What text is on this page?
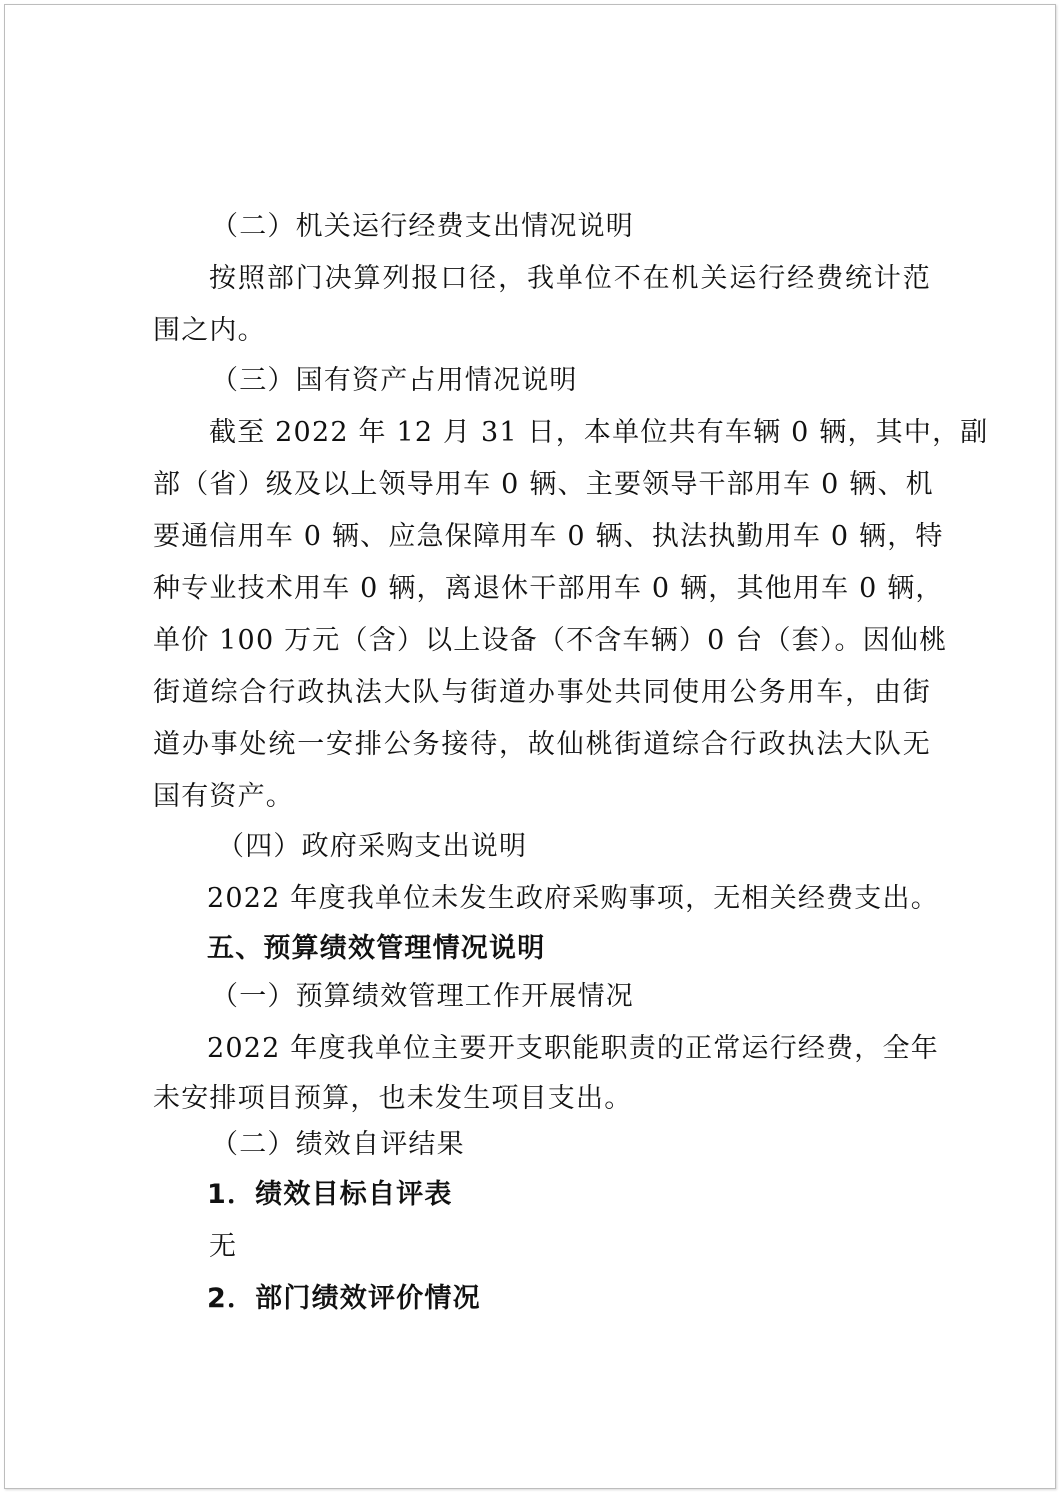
（二）机关运行经费支出情况说明
按照部门决算列报口径，我单位不在机关运行经费统计范
围之内。
（三）国有资产占用情况说明
截至 2022 年 12 月 31 日，本单位共有车辆 0 辆，其中，副
部（省）级及以上领导用车 0 辆、主要领导干部用车 0 辆、机
要通信用车 0 辆、应急保障用车 0 辆、执法执勤用车 0 辆，特
种专业技术用车 0 辆，离退休干部用车 0 辆，其他用车 0 辆，
单价 100 万元（含）以上设备（不含车辆）0 台（套）。因仙桃
街道综合行政执法大队与街道办事处共同使用公务用车，由街
道办事处统一安排公务接待，故仙桃街道综合行政执法大队无
国有资产。
（四）政府采购支出说明
2022 年度我单位未发生政府采购事项，无相关经费支出。
五、预算绩效管理情况说明
（一）预算绩效管理工作开展情况
2022 年度我单位主要开支职能职责的正常运行经费，全年
未安排项目预算，也未发生项目支出。
（二）绩效自评结果
1．绩效目标自评表
无
2．部门绩效评价情况
